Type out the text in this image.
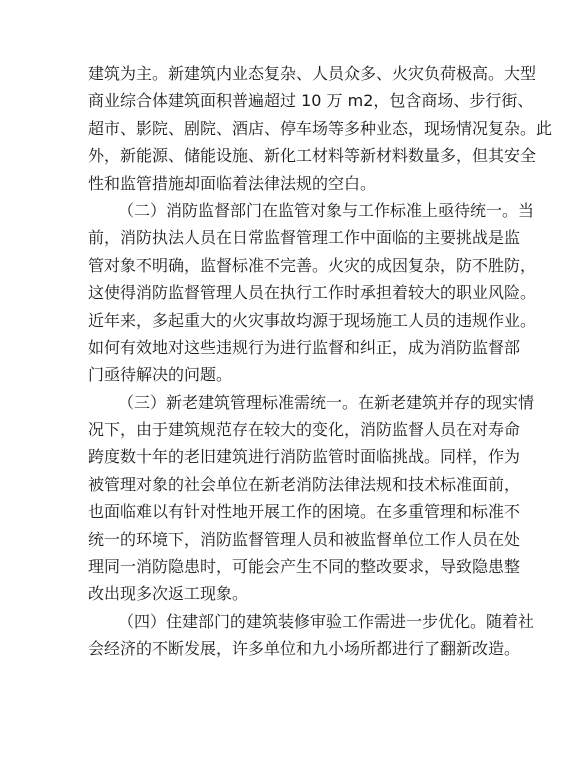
建筑为主。新建筑内业态复杂、人员众多、火灾负荷极高。大型
商业综合体建筑面积普遍超过 10 万 m2，包含商场、步行街、
超市、影院、剧院、酒店、停车场等多种业态，现场情况复杂。此
外，新能源、储能设施、新化工材料等新材料数量多，但其安全
性和监管措施却面临着法律法规的空白。
（二）消防监督部门在监管对象与工作标准上亟待统一。当
前，消防执法人员在日常监督管理工作中面临的主要挑战是监
管对象不明确，监督标准不完善。火灾的成因复杂，防不胜防，
这使得消防监督管理人员在执行工作时承担着较大的职业风险。
近年来，多起重大的火灾事故均源于现场施工人员的违规作业。
如何有效地对这些违规行为进行监督和纠正，成为消防监督部
门亟待解决的问题。
（三）新老建筑管理标准需统一。在新老建筑并存的现实情
况下，由于建筑规范存在较大的变化，消防监督人员在对寿命
跨度数十年的老旧建筑进行消防监管时面临挑战。同样，作为
被管理对象的社会单位在新老消防法律法规和技术标准面前，
也面临难以有针对性地开展工作的困境。在多重管理和标准不
统一的环境下，消防监督管理人员和被监督单位工作人员在处
理同一消防隐患时，可能会产生不同的整改要求，导致隐患整
改出现多次返工现象。
（四）住建部门的建筑装修审验工作需进一步优化。随着社
会经济的不断发展，许多单位和九小场所都进行了翻新改造。
